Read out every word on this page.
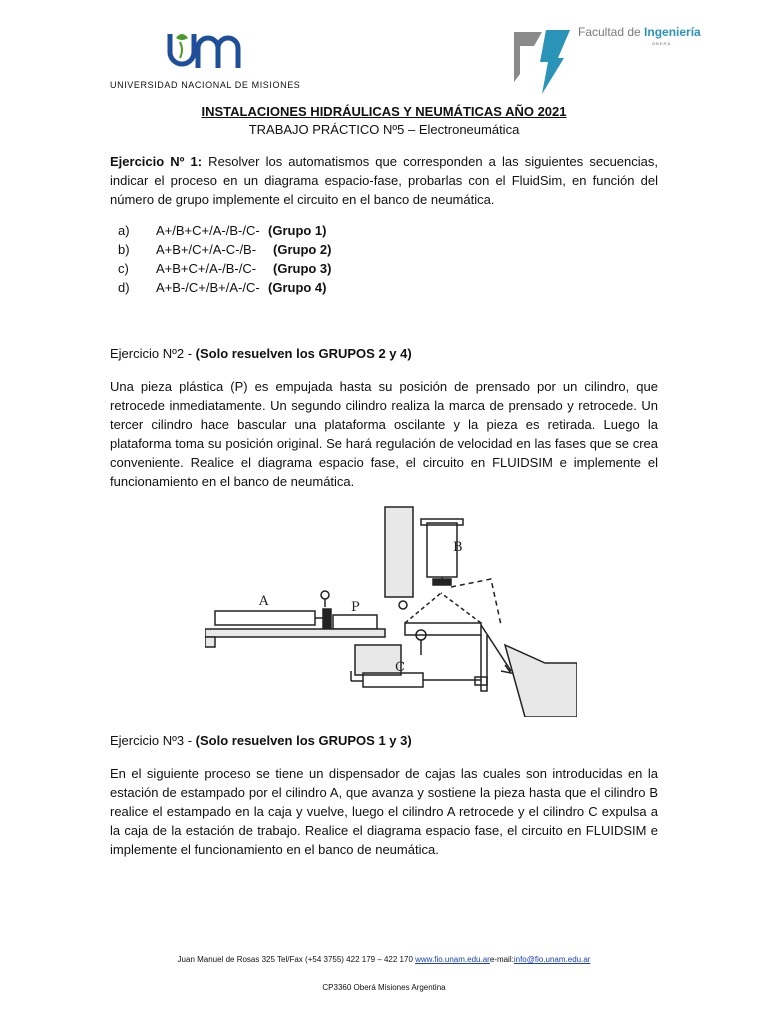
UNIVERSIDAD NACIONAL DE MISIONES
Facultad de Ingeniería
OBERÁ
INSTALACIONES HIDRÁULICAS Y NEUMÁTICAS AÑO 2021
TRABAJO PRÁCTICO Nº5 – Electroneumática
Ejercicio Nº 1: Resolver los automatismos que corresponden a las siguientes secuencias, indicar el proceso en un diagrama espacio-fase, probarlas con el FluidSim, en función del número de grupo implemente el circuito en el banco de neumática.
a) A+/B+C+/A-/B-/C- (Grupo 1)
b) A+B+/C+/A-C-/B- (Grupo 2)
c) A+B+C+/A-/B-/C- (Grupo 3)
d) A+B-/C+/B+/A-/C- (Grupo 4)
Ejercicio Nº2 - (Solo resuelven los GRUPOS 2 y 4)
Una pieza plástica (P) es empujada hasta su posición de prensado por un cilindro, que retrocede inmediatamente. Un segundo cilindro realiza la marca de prensado y retrocede. Un tercer cilindro hace bascular una plataforma oscilante y la pieza es retirada. Luego la plataforma toma su posición original. Se hará regulación de velocidad en las fases que se crea conveniente. Realice el diagrama espacio fase, el circuito en FLUIDSIM e implemente el funcionamiento en el banco de neumática.
A
B
C
P
Ejercicio Nº3 - (Solo resuelven los GRUPOS 1 y 3)
En el siguiente proceso se tiene un dispensador de cajas las cuales son introducidas en la estación de estampado por el cilindro A, que avanza y sostiene la pieza hasta que el cilindro B realice el estampado en la caja y vuelve, luego el cilindro A retrocede y el cilindro C expulsa a la caja de la estación de trabajo. Realice el diagrama espacio fase, el circuito en FLUIDSIM e implemente el funcionamiento en el banco de neumática.
Juan Manuel de Rosas 325 Tel/Fax (+54 3755) 422 179 – 422 170 www.fio.unam.edu.are-mail:info@fio.unam.edu.ar
CP3360 Oberá Misiones Argentina
